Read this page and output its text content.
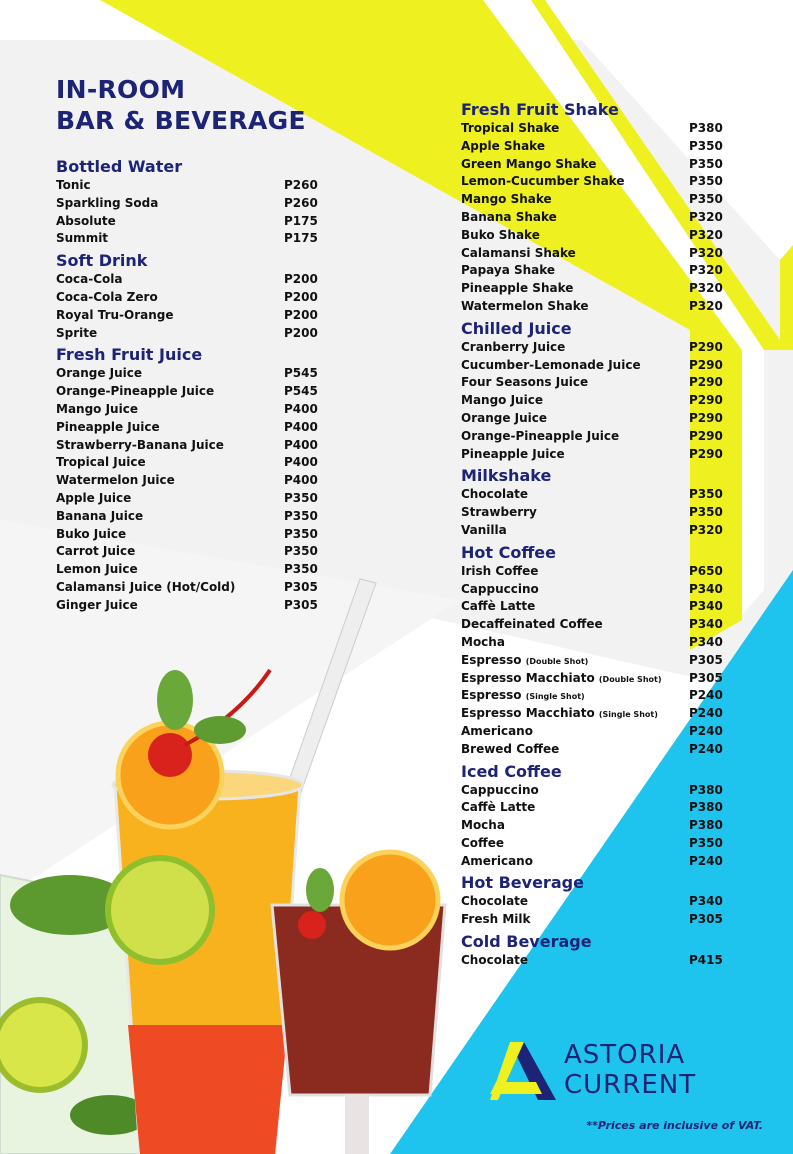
IN-ROOM
BAR & BEVERAGE
Bottled Water
Tonic	P260
Sparkling Soda	P260
Absolute	P175
Summit	P175
Soft Drink
Coca-Cola	P200
Coca-Cola Zero	P200
Royal Tru-Orange	P200
Sprite	P200
Fresh Fruit Juice
Orange Juice	P545
Orange-Pineapple Juice	P545
Mango Juice	P400
Pineapple Juice	P400
Strawberry-Banana Juice	P400
Tropical Juice	P400
Watermelon Juice	P400
Apple Juice	P350
Banana Juice	P350
Buko Juice	P350
Carrot Juice	P350
Lemon Juice	P350
Calamansi Juice (Hot/Cold)	P305
Ginger Juice	P305
Fresh Fruit Shake
Tropical Shake	P380
Apple Shake	P350
Green Mango Shake	P350
Lemon-Cucumber Shake	P350
Mango Shake	P350
Banana Shake	P320
Buko Shake	P320
Calamansi Shake	P320
Papaya Shake	P320
Pineapple Shake	P320
Watermelon Shake	P320
Chilled Juice
Cranberry Juice	P290
Cucumber-Lemonade Juice	P290
Four Seasons Juice	P290
Mango Juice	P290
Orange Juice	P290
Orange-Pineapple Juice	P290
Pineapple Juice	P290
Milkshake
Chocolate	P350
Strawberry	P350
Vanilla	P320
Hot Coffee
Irish Coffee	P650
Cappuccino	P340
Caffè Latte	P340
Decaffeinated Coffee	P340
Mocha	P340
Espresso (Double Shot)	P305
Espresso Macchiato (Double Shot) P305
Espresso (Single Shot)	P240
Espresso Macchiato (Single Shot)	P240
Americano	P240
Brewed Coffee	P240
Iced Coffee
Cappuccino	P380
Caffè Latte	P380
Mocha	P380
Coffee	P350
Americano	P240
Hot Beverage
Chocolate	P340
Fresh Milk	P305
Cold Beverage
Chocolate	P415
ASTORIA
CURRENT
**Prices are inclusive of VAT.
